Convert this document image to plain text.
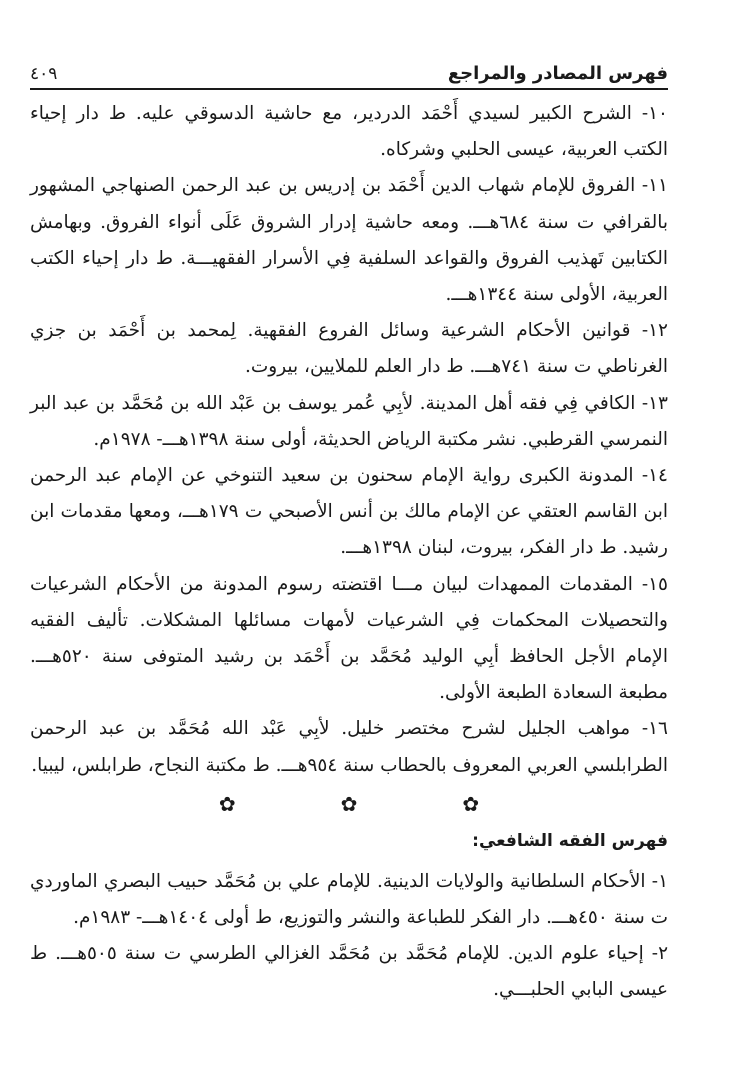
فهرس المصادر والمراجع
٤٠٩

١٠- الشرح الكبير لسيدي أَحْمَد الدردير، مع حاشية الدسوقي عليه. ط دار إحياء الكتب العربية، عيسى الحلبي وشركاه.

١١- الفروق للإمام شهاب الدين أَحْمَد بن إدريس بن عبد الرحمن الصنهاجي المشهور بالقرافي ت سنة ٦٨٤هـــ. ومعه حاشية إدرار الشروق عَلَى أنواء الفروق. وبهامش الكتابين تَهذيب الفروق والقواعد السلفية فِي الأسرار الفقهيـــة. ط دار إحياء الكتب العربية، الأولى سنة ١٣٤٤هـــ.

١٢- قوانين الأحكام الشرعية وسائل الفروع الفقهية. لِمحمد بن أَحْمَد بن جزي الغرناطي ت سنة ٧٤١هـــ. ط دار العلم للملايين، بيروت.

١٣- الكافي فِي فقه أهل المدينة. لأبِي عُمر يوسف بن عَبْد الله بن مُحَمَّد بن عبد البر النمرسي القرطبي. نشر مكتبة الرياض الحديثة، أولى سنة ١٣٩٨هـــ- ١٩٧٨م.

١٤- المدونة الكبرى رواية الإمام سحنون بن سعيد التنوخي عن الإمام عبد الرحمن ابن القاسم العتقي عن الإمام مالك بن أنس الأصبحي ت ١٧٩هـــ، ومعها مقدمات ابن رشيد. ط دار الفكر، بيروت، لبنان ١٣٩٨هـــ.

١٥- المقدمات الممهدات لبيان مـــا اقتضته رسوم المدونة من الأحكام الشرعيات والتحصيلات المحكمات فِي الشرعيات لأمهات مسائلها المشكلات. تأليف الفقيه الإمام الأجل الحافظ أبِي الوليد مُحَمَّد بن أَحْمَد بن رشيد المتوفى سنة ٥٢٠هـــ. مطبعة السعادة الطبعة الأولى.

١٦- مواهب الجليل لشرح مختصر خليل. لأبِي عَبْد الله مُحَمَّد بن عبد الرحمن الطرابلسي العربي المعروف بالحطاب سنة ٩٥٤هـــ. ط مكتبة النجاح، طرابلس، ليبيا.

✿
✿
✿

فهرس الفقه الشافعي:

١- الأحكام السلطانية والولايات الدينية. للإمام علي بن مُحَمَّد حبيب البصري الماوردي ت سنة ٤٥٠هـــ. دار الفكر للطباعة والنشر والتوزيع، ط أولى ١٤٠٤هـــ- ١٩٨٣م.

٢- إحياء علوم الدين. للإمام مُحَمَّد بن مُحَمَّد الغزالي الطرسي ت سنة ٥٠٥هـــ. ط عيسى البابي الحلبـــي.
